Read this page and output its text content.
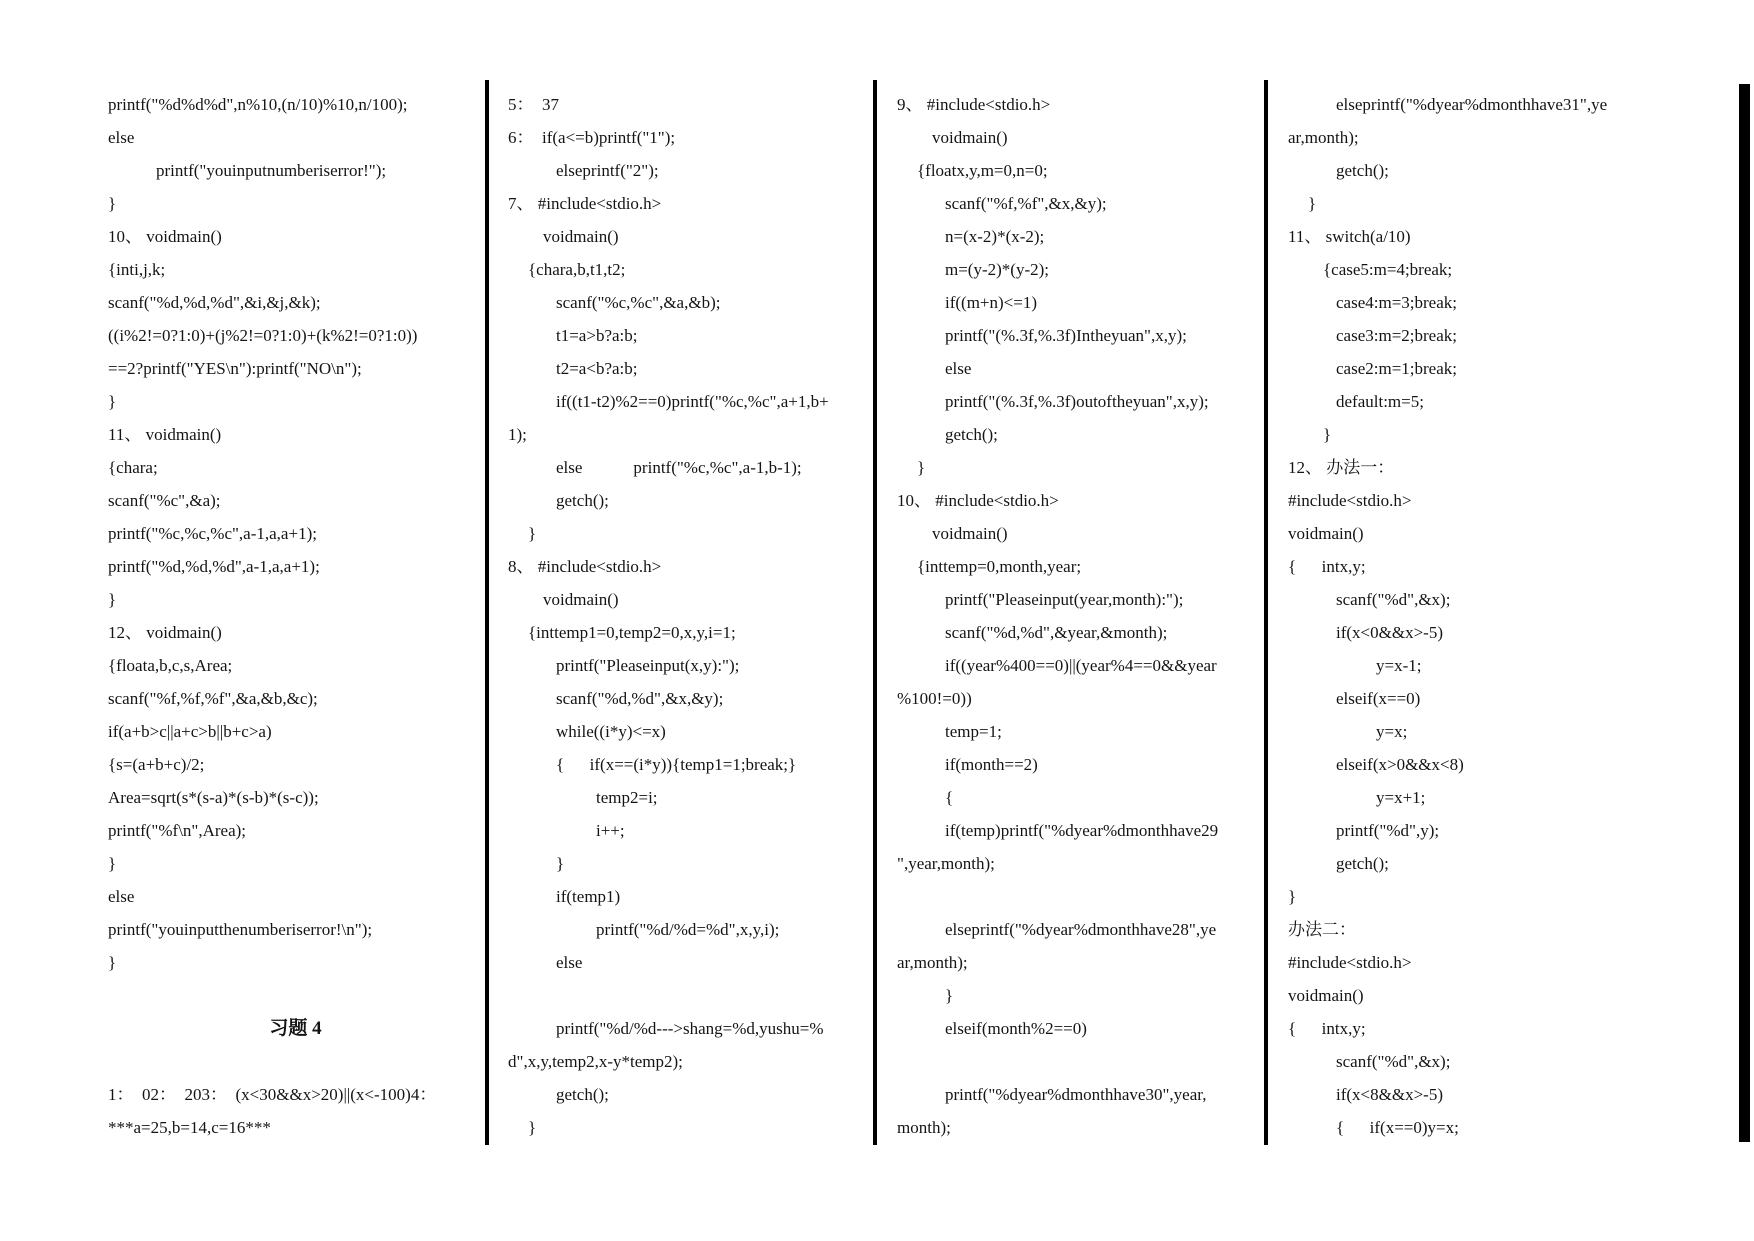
printf("%d%d%d",n%10,(n/10)%10,n/100);
else
printf("youinputnumberiserror!");
}
10、 voidmain()
{inti,j,k;
scanf("%d,%d,%d",&i,&j,&k);
((i%2!=0?1:0)+(j%2!=0?1:0)+(k%2!=0?1:0))
==2?printf("YES\n"):printf("NO\n");
}
11、 voidmain()
{chara;
scanf("%c",&a);
printf("%c,%c,%c",a-1,a,a+1);
printf("%d,%d,%d",a-1,a,a+1);
}
12、 voidmain()
{floata,b,c,s,Area;
scanf("%f,%f,%f",&a,&b,&c);
if(a+b>c||a+c>b||b+c>a)
{s=(a+b+c)/2;
Area=sqrt(s*(s-a)*(s-b)*(s-c));
printf("%f\n",Area);
}
else
printf("youinputthenumberiserror!\n");
}

习题 4

1：  02：  203：  (x<30&&x>20)||(x<-100)4：
***a=25,b=14,c=16***
5：  37
6：  if(a<=b)printf("1");
elseprintf("2");
7、 #include<stdio.h>
voidmain()
{chara,b,t1,t2;
scanf("%c,%c",&a,&b);
t1=a>b?a:b;
t2=a<b?a:b;
if((t1-t2)%2==0)printf("%c,%c",a+1,b+
1);
else            printf("%c,%c",a-1,b-1);
getch();
}
8、 #include<stdio.h>
voidmain()
{inttemp1=0,temp2=0,x,y,i=1;
printf("Pleaseinput(x,y):");
scanf("%d,%d",&x,&y);
while((i*y)<=x)
{      if(x==(i*y)){temp1=1;break;}
temp2=i;
i++;
}
if(temp1)
printf("%d/%d=%d",x,y,i);
else

printf("%d/%d--->shang=%d,yushu=%
d",x,y,temp2,x-y*temp2);
getch();
}
9、 #include<stdio.h>
voidmain()
{floatx,y,m=0,n=0;
scanf("%f,%f",&x,&y);
n=(x-2)*(x-2);
m=(y-2)*(y-2);
if((m+n)<=1)
printf("(%.3f,%.3f)Intheyuan",x,y);
else
printf("(%.3f,%.3f)outoftheyuan",x,y);
getch();
}
10、 #include<stdio.h>
voidmain()
{inttemp=0,month,year;
printf("Pleaseinput(year,month):");
scanf("%d,%d",&year,&month);
if((year%400==0)||(year%4==0&&year
%100!=0))
temp=1;
if(month==2)
{
if(temp)printf("%dyear%dmonthhave29
",year,month);

elseprintf("%dyear%dmonthhave28",ye
ar,month);
}
elseif(month%2==0)

printf("%dyear%dmonthhave30",year,
month);
elseprintf("%dyear%dmonthhave31",ye
ar,month);
getch();
}
11、 switch(a/10)
{case5:m=4;break;
case4:m=3;break;
case3:m=2;break;
case2:m=1;break;
default:m=5;
}
12、 办法一：
#include<stdio.h>
voidmain()
{      intx,y;
scanf("%d",&x);
if(x<0&&x>-5)
y=x-1;
elseif(x==0)
y=x;
elseif(x>0&&x<8)
y=x+1;
printf("%d",y);
getch();
}
办法二：
#include<stdio.h>
voidmain()
{      intx,y;
scanf("%d",&x);
if(x<8&&x>-5)
{      if(x==0)y=x;
